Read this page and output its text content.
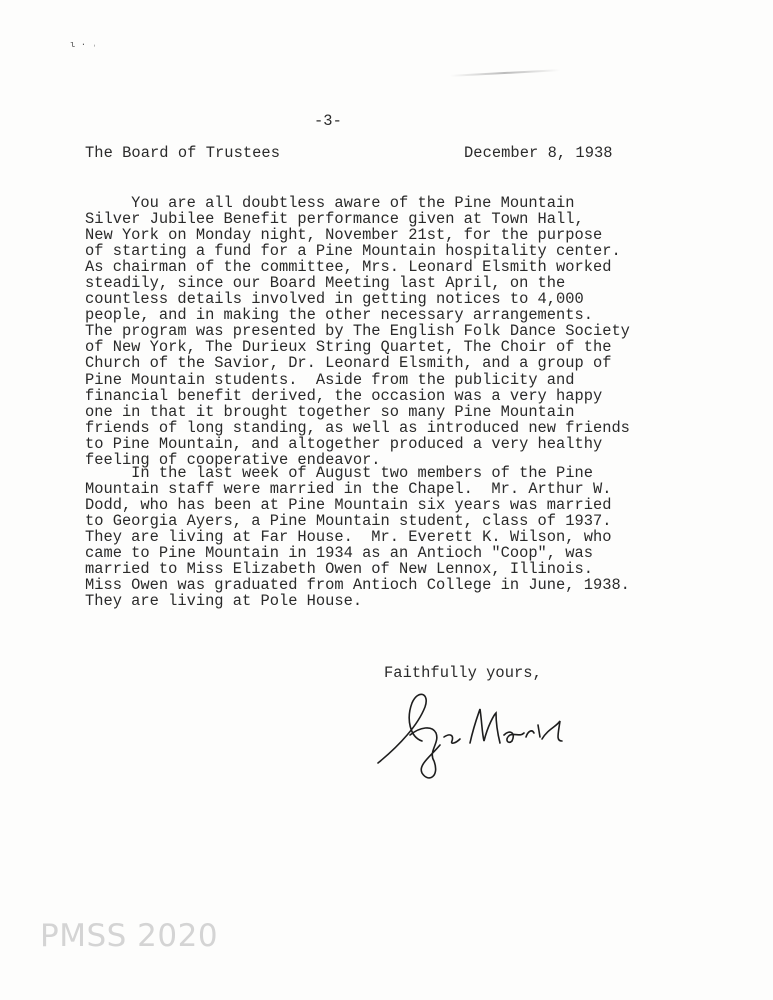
ι · ˒
-3-
The Board of Trustees	December 8, 1938
You are all doubtless aware of the Pine Mountain
Silver Jubilee Benefit performance given at Town Hall,
New York on Monday night, November 21st, for the purpose
of starting a fund for a Pine Mountain hospitality center.
As chairman of the committee, Mrs. Leonard Elsmith worked
steadily, since our Board Meeting last April, on the
countless details involved in getting notices to 4,000
people, and in making the other necessary arrangements.
The program was presented by The English Folk Dance Society
of New York, The Durieux String Quartet, The Choir of the
Church of the Savior, Dr. Leonard Elsmith, and a group of
Pine Mountain students.  Aside from the publicity and
financial benefit derived, the occasion was a very happy
one in that it brought together so many Pine Mountain
friends of long standing, as well as introduced new friends
to Pine Mountain, and altogether produced a very healthy
feeling of cooperative endeavor.
In the last week of August two members of the Pine
Mountain staff were married in the Chapel.  Mr. Arthur W.
Dodd, who has been at Pine Mountain six years was married
to Georgia Ayers, a Pine Mountain student, class of 1937.
They are living at Far House.  Mr. Everett K. Wilson, who
came to Pine Mountain in 1934 as an Antioch "Coop", was
married to Miss Elizabeth Owen of New Lennox, Illinois.
Miss Owen was graduated from Antioch College in June, 1938.
They are living at Pole House.
Faithfully yours,
PMSS 2020
